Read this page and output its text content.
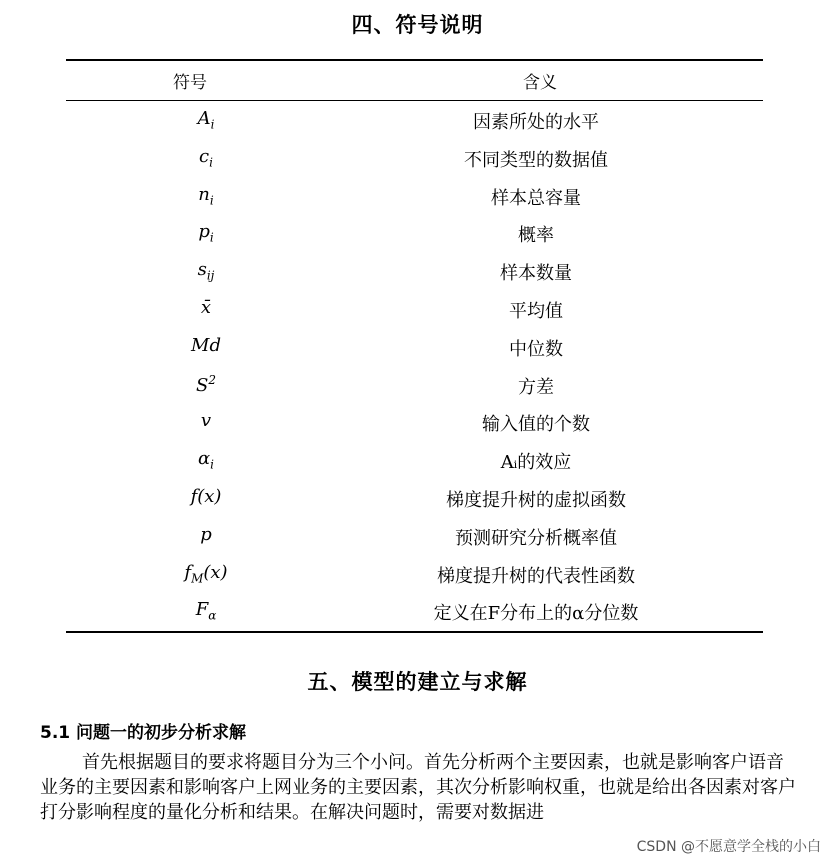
四、符号说明
符号	含义
$A_i$	因素所处的水平
$c_i$	不同类型的数据值
$n_i$	样本总容量
$p_i$	概率
$s_{ij}$	样本数量
x̄	平均值
Md	中位数
$S^2$	方差
v	输入值的个数
$\alpha_i$	Aᵢ的效应
f(x)	梯度提升树的虚拟函数
p	预测研究分析概率值
$f_M(x)$	梯度提升树的代表性函数
$F_\alpha$	定义在F分布上的α分位数
五、模型的建立与求解
5.1 问题一的初步分析求解
首先根据题目的要求将题目分为三个小问。首先分析两个主要因素，也就是影响客户语音业务的主要因素和影响客户上网业务的主要因素，其次分析影响权重，也就是给出各因素对客户打分影响程度的量化分析和结果。在解决问题时，需要对数据进
CSDN @不愿意学全栈的小白
